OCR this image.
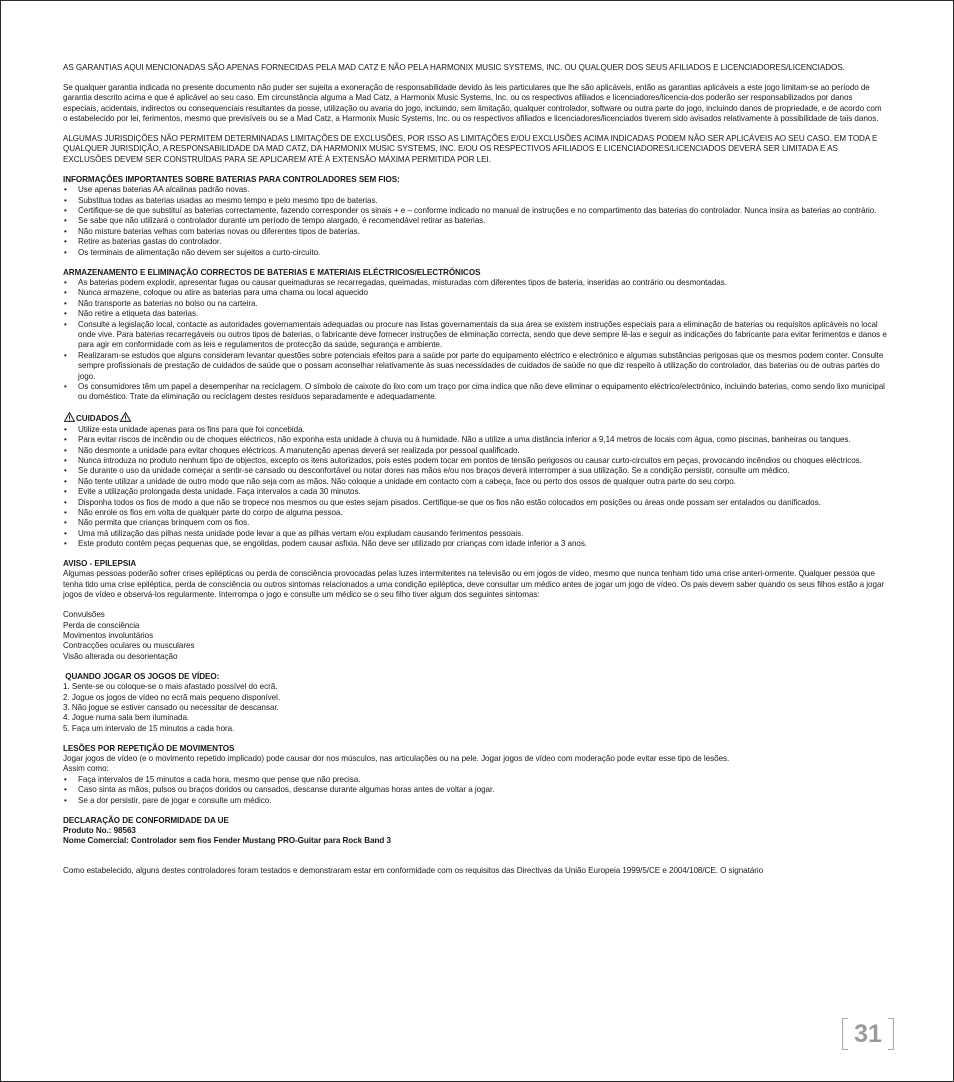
AS GARANTIAS AQUI MENCIONADAS SÃO APENAS FORNECIDAS PELA MAD CATZ E NÃO PELA HARMONIX MUSIC SYSTEMS, INC. OU QUALQUER DOS SEUS AFILIADOS E LICENCIADORES/LICENCIADOS.

Se qualquer garantia indicada no presente documento não puder ser sujeita a exoneração de responsabilidade devido às leis particulares que lhe são aplicáveis, então as garantias aplicáveis a este jogo limitam-se ao período de garantia descrito acima e que é aplicável ao seu caso. Em circunstância alguma a Mad Catz, a Harmonix Music Systems, Inc. ou os respectivos afiliados e licenciadores/licencia-dos poderão ser responsabilizados por danos especiais, acidentais, indirectos ou consequenciais resultantes da posse, utilização ou avaria do jogo, incluindo, sem limitação, qualquer controlador, software ou outra parte do jogo, incluindo danos de propriedade, e de acordo com o estabelecido por lei, ferimentos, mesmo que previsíveis ou se a Mad Catz, a Harmonix Music Systems, Inc. ou os respectivos afiliados e licenciadores/licenciados tiverem sido avisados relativamente à possibilidade de tais danos.

ALGUMAS JURISDIÇÕES NÃO PERMITEM DETERMINADAS LIMITAÇÕES DE EXCLUSÕES, POR ISSO AS LIMITAÇÕES E/OU EXCLUSÕES ACIMA INDICADAS PODEM NÃO SER APLICÁVEIS AO SEU CASO. EM TODA E QUALQUER JURISDIÇÃO, A RESPONSABILIDADE DA MAD CATZ, DA HARMONIX MUSIC SYSTEMS, INC. E/OU OS RESPECTIVOS AFILIADOS E LICENCIADORES/LICENCIADOS DEVERÁ SER LIMITADA E AS EXCLUSÕES DEVEM SER CONSTRUÍDAS PARA SE APLICAREM ATÉ À EXTENSÃO MÁXIMA PERMITIDA POR LEI.

INFORMAÇÕES IMPORTANTES SOBRE BATERIAS PARA CONTROLADORES SEM FIOS:
• Use apenas baterias AA alcalinas padrão novas.
• Substitua todas as baterias usadas ao mesmo tempo e pelo mesmo tipo de baterias.
• Certifique-se de que substituí as baterias correctamente, fazendo corresponder os sinais + e – conforme indicado no manual de instruções e no compartimento das baterias do controlador. Nunca insira as baterias ao contrário.
• Se sabe que não utilizará o controlador durante um período de tempo alargado, é recomendável retirar as baterias.
• Não misture baterias velhas com baterias novas ou diferentes tipos de baterias.
• Retire as baterias gastas do controlador.
• Os terminais de alimentação não devem ser sujeitos a curto-circuito.
ARMAZENAMENTO E ELIMINAÇÃO CORRECTOS DE BATERIAS E MATERIAIS ELÉCTRICOS/ELECTRÓNICOS
• As baterias podem explodir, apresentar fugas ou causar queimaduras se recarregadas, queimadas, misturadas com diferentes tipos de bateria, inseridas ao contrário ou desmontadas.
• Nunca armazene, coloque ou atire as baterias para uma chama ou local aquecido
• Não transporte as baterias no bolso ou na carteira.
• Não retire a etiqueta das baterias.
• Consulte a legislação local, contacte as autoridades governamentais adequadas ou procure nas listas governamentais da sua área se existem instruções especiais para a eliminação de baterias ou requisitos aplicáveis no local onde vive. Para baterias recarregáveis ou outros tipos de baterias, o fabricante deve fornecer instruções de eliminação correcta, sendo que deve sempre lê-las e seguir as indicações do fabricante para evitar ferimentos e danos e para agir em conformidade com as leis e regulamentos de protecção da saúde, segurança e ambiente.
• Realizaram-se estudos que alguns consideram levantar questões sobre potenciais efeitos para a saúde por parte do equipamento eléctrico e electrónico e algumas substâncias perigosas que os mesmos podem conter. Consulte sempre profissionais de prestação de cuidados de saúde que o possam aconselhar relativamente às suas necessidades de cuidados de saúde no que diz respeito à utilização do controlador, das baterias ou de outras partes do jogo.
• Os consumidores têm um papel a desempenhar na reciclagem. O símbolo de caixote do lixo com um traço por cima indica que não deve eliminar o equipamento eléctrico/electrónico, incluindo baterias, como sendo lixo municipal ou doméstico. Trate da eliminação ou reciclagem destes resíduos separadamente e adequadamente.
CUIDADOS
• Utilize esta unidade apenas para os fins para que foi concebida.
• Para evitar riscos de incêndio ou de choques eléctricos, não exponha esta unidade à chuva ou à humidade. Não a utilize a uma distância inferior a 9,14 metros de locais com água, como piscinas, banheiras ou tanques.
• Não desmonte a unidade para evitar choques eléctricos. A manutenção apenas deverá ser realizada por pessoal qualificado.
• Nunca introduza no produto nenhum tipo de objectos, excepto os itens autorizados, pois estes podem tocar em pontos de tensão perigosos ou causar curto-circuitos em peças, provocando incêndios ou choques eléctricos.
• Se durante o uso da unidade começar a sentir-se cansado ou desconfortável ou notar dores nas mãos e/ou nos braços deverá interromper a sua utilização. Se a condição persistir, consulte um médico.
• Não tente utilizar a unidade de outro modo que não seja com as mãos. Não coloque a unidade em contacto com a cabeça, face ou perto dos ossos de qualquer outra parte do seu corpo.
• Evite a utilização prolongada desta unidade. Faça intervalos a cada 30 minutos.
• Disponha todos os fios de modo a que não se tropece nos mesmos ou que estes sejam pisados. Certifique-se que os fios não estão colocados em posições ou áreas onde possam ser entalados ou danificados.
• Não enrole os fios em volta de qualquer parte do corpo de alguma pessoa.
• Não permita que crianças brinquem com os fios.
• Uma má utilização das pilhas nesta unidade pode levar a que as pilhas vertam e/ou expludam causando ferimentos pessoais.
• Este produto contém peças pequenas que, se engolidas, podem causar asfixia. Não deve ser utilizado por crianças com idade inferior a 3 anos.
AVISO - EPILEPSIA

Algumas pessoas poderão sofrer crises epilépticas ou perda de consciência provocadas pelas luzes intermitentes na televisão ou em jogos de vídeo, mesmo que nunca tenham tido uma crise anteri-ormente. Qualquer pessoa que tenha tido uma crise epiléptica, perda de consciência ou outros sintomas relacionados a uma condição epiléptica, deve consultar um médico antes de jogar um jogo de vídeo. Os pais devem saber quando os seus filhos estão a jogar jogos de vídeo e observá-los regularmente. Interrompa o jogo e consulte um médico se o seu filho tiver algum dos seguintes sintomas:

Convulsões
Perda de consciência
Movimentos involuntários
Contracções oculares ou musculares
Visão alterada ou desorientação
QUANDO JOGAR OS JOGOS DE VÍDEO:
1. Sente-se ou coloque-se o mais afastado possível do ecrã.
2. Jogue os jogos de vídeo no ecrã mais pequeno disponível.
3. Não jogue se estiver cansado ou necessitar de descansar.
4. Jogue numa sala bem iluminada.
5. Faça um intervalo de 15 minutos a cada hora.
LESÕES POR REPETIÇÃO DE MOVIMENTOS
Jogar jogos de vídeo (e o movimento repetido implicado) pode causar dor nos músculos, nas articulações ou na pele. Jogar jogos de vídeo com moderação pode evitar esse tipo de lesões.
Assim como:
• Faça intervalos de 15 minutos a cada hora, mesmo que pense que não precisa.
• Caso sinta as mãos, pulsos ou braços doridos ou cansados, descanse durante algumas horas antes de voltar a jogar.
• Se a dor persistir, pare de jogar e consulte um médico.
DECLARAÇÃO DE CONFORMIDADE DA UE
Produto No.: 98563
Nome Comercial: Controlador sem fios Fender Mustang PRO-Guitar para Rock Band 3
Como estabelecido, alguns destes controladores foram testados e demonstraram estar em conformidade com os requisitos das Directivas da União Europeia 1999/5/CE e 2004/108/CE. O signatário
31
